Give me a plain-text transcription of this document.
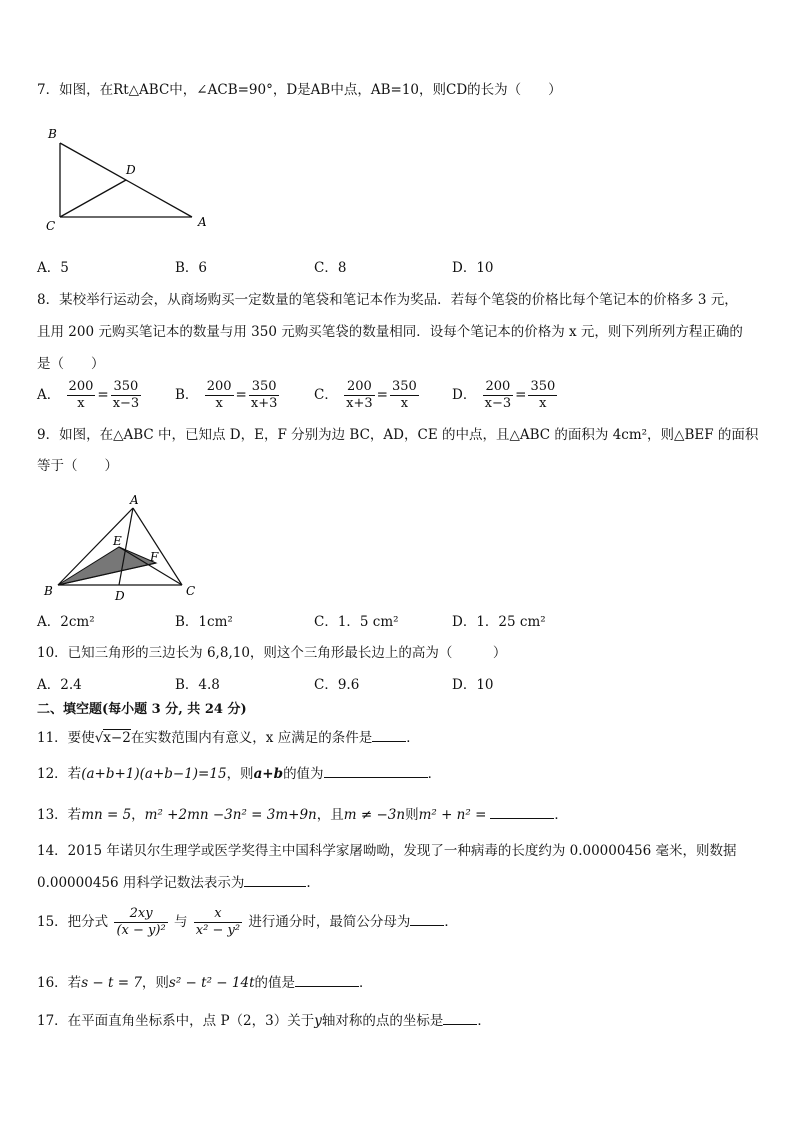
7．如图，在Rt△ABC中，∠ACB=90°，D是AB中点，AB=10，则CD的长为（　　）
B
C	A
D
A．5	B．6	C．8	D．10
8．某校举行运动会，从商场购买一定数量的笔袋和笔记本作为奖品．若每个笔袋的价格比每个笔记本的价格多 3 元，
且用 200 元购买笔记本的数量与用 350 元购买笔袋的数量相同．设每个笔记本的价格为 x 元，则下列所列方程正确的
是（　　）
A． $\frac{200}{x} = \frac{350}{x-3}$	B． $\frac{200}{x} = \frac{350}{x+3}$	C． $\frac{200}{x+3} = \frac{350}{x}$ D． $\frac{200}{x-3} = \frac{350}{x}$
9．如图，在△ABC 中，已知点 D，E，F 分别为边 BC，AD，CE 的中点，且△ABC 的面积为 4cm²，则△BEF 的面积
等于（　　）
A
B	C
D
E
F
A．2cm²	B．1cm²	C．1．5 cm²	D．1．25 cm²
10．已知三角形的三边长为 6,8,10，则这个三角形最长边上的高为（　　　）
A．2.4	B．4.8	C．9.6	D．10
二、填空题(每小题 3 分, 共 24 分)
11．要使√x−2在实数范围内有意义，x 应满足的条件是	．
12．若(a+b+1)(a+b−1)=15，则a+b的值为	．
13．若mn = 5，m² +2mn −3n² = 3m+9n，且m ≠ −3n则m² + n² =	．
14．2015 年诺贝尔生理学或医学奖得主中国科学家屠呦呦，发现了一种病毒的长度约为 0.00000456 毫米，则数据
0.00000456 用科学记数法表示为	.
15．把分式 $\frac{2xy}{\text{(x − y)²}}$ 与 $\frac{x}{\text{x² − y²}}$ 进行通分时，最简公分母为	．
16．若s − t = 7，则s² − t² − 14t的值是	．
17．在平面直角坐标系中，点 P（2，3）关于y轴对称的点的坐标是	．
